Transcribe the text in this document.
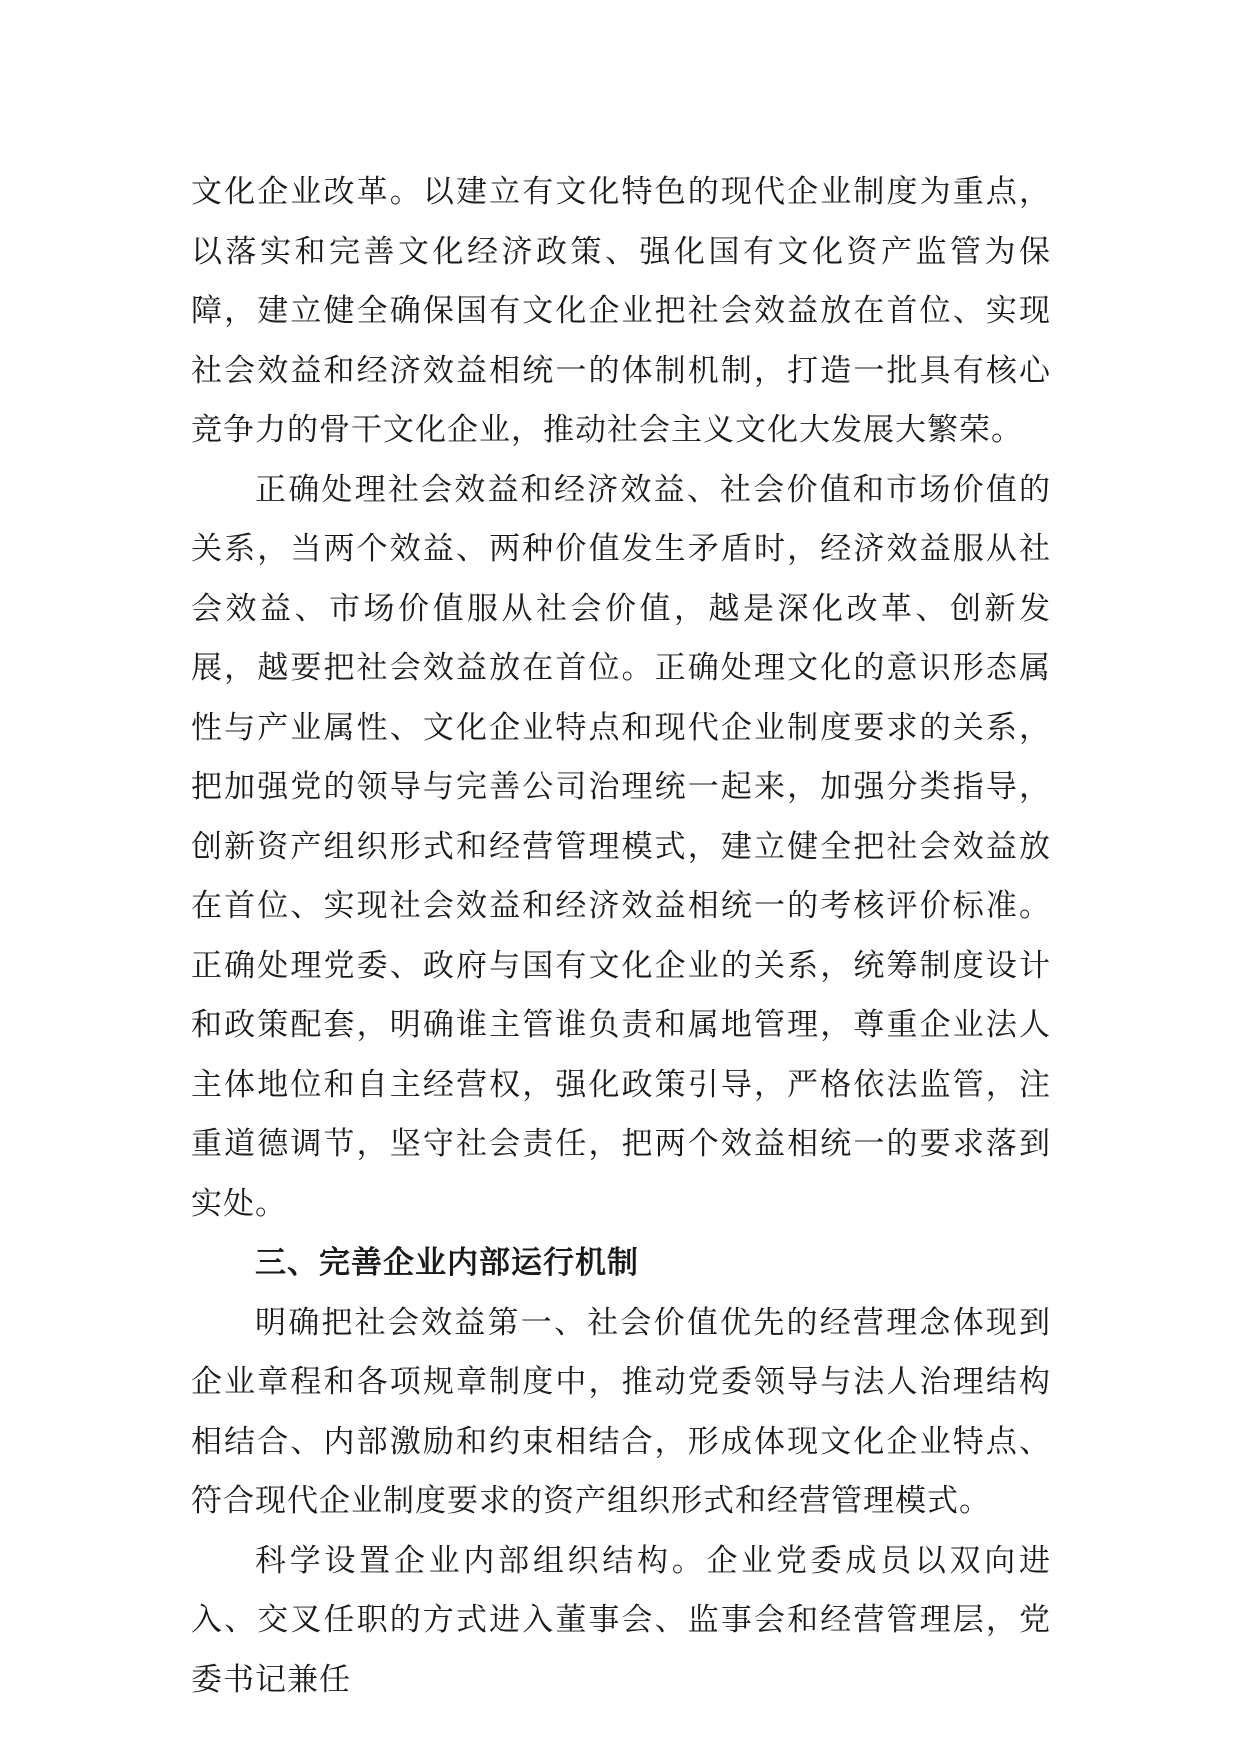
文化企业改革。以建立有文化特色的现代企业制度为重点，以落实和完善文化经济政策、强化国有文化资产监管为保障，建立健全确保国有文化企业把社会效益放在首位、实现社会效益和经济效益相统一的体制机制，打造一批具有核心竞争力的骨干文化企业，推动社会主义文化大发展大繁荣。

正确处理社会效益和经济效益、社会价值和市场价值的关系，当两个效益、两种价值发生矛盾时，经济效益服从社会效益、市场价值服从社会价值，越是深化改革、创新发展，越要把社会效益放在首位。正确处理文化的意识形态属性与产业属性、文化企业特点和现代企业制度要求的关系，把加强党的领导与完善公司治理统一起来，加强分类指导，创新资产组织形式和经营管理模式，建立健全把社会效益放在首位、实现社会效益和经济效益相统一的考核评价标准。正确处理党委、政府与国有文化企业的关系，统筹制度设计和政策配套，明确谁主管谁负责和属地管理，尊重企业法人主体地位和自主经营权，强化政策引导，严格依法监管，注重道德调节，坚守社会责任，把两个效益相统一的要求落到实处。

三、完善企业内部运行机制

明确把社会效益第一、社会价值优先的经营理念体现到企业章程和各项规章制度中，推动党委领导与法人治理结构相结合、内部激励和约束相结合，形成体现文化企业特点、符合现代企业制度要求的资产组织形式和经营管理模式。

科学设置企业内部组织结构。企业党委成员以双向进入、交叉任职的方式进入董事会、监事会和经营管理层，党委书记兼任
